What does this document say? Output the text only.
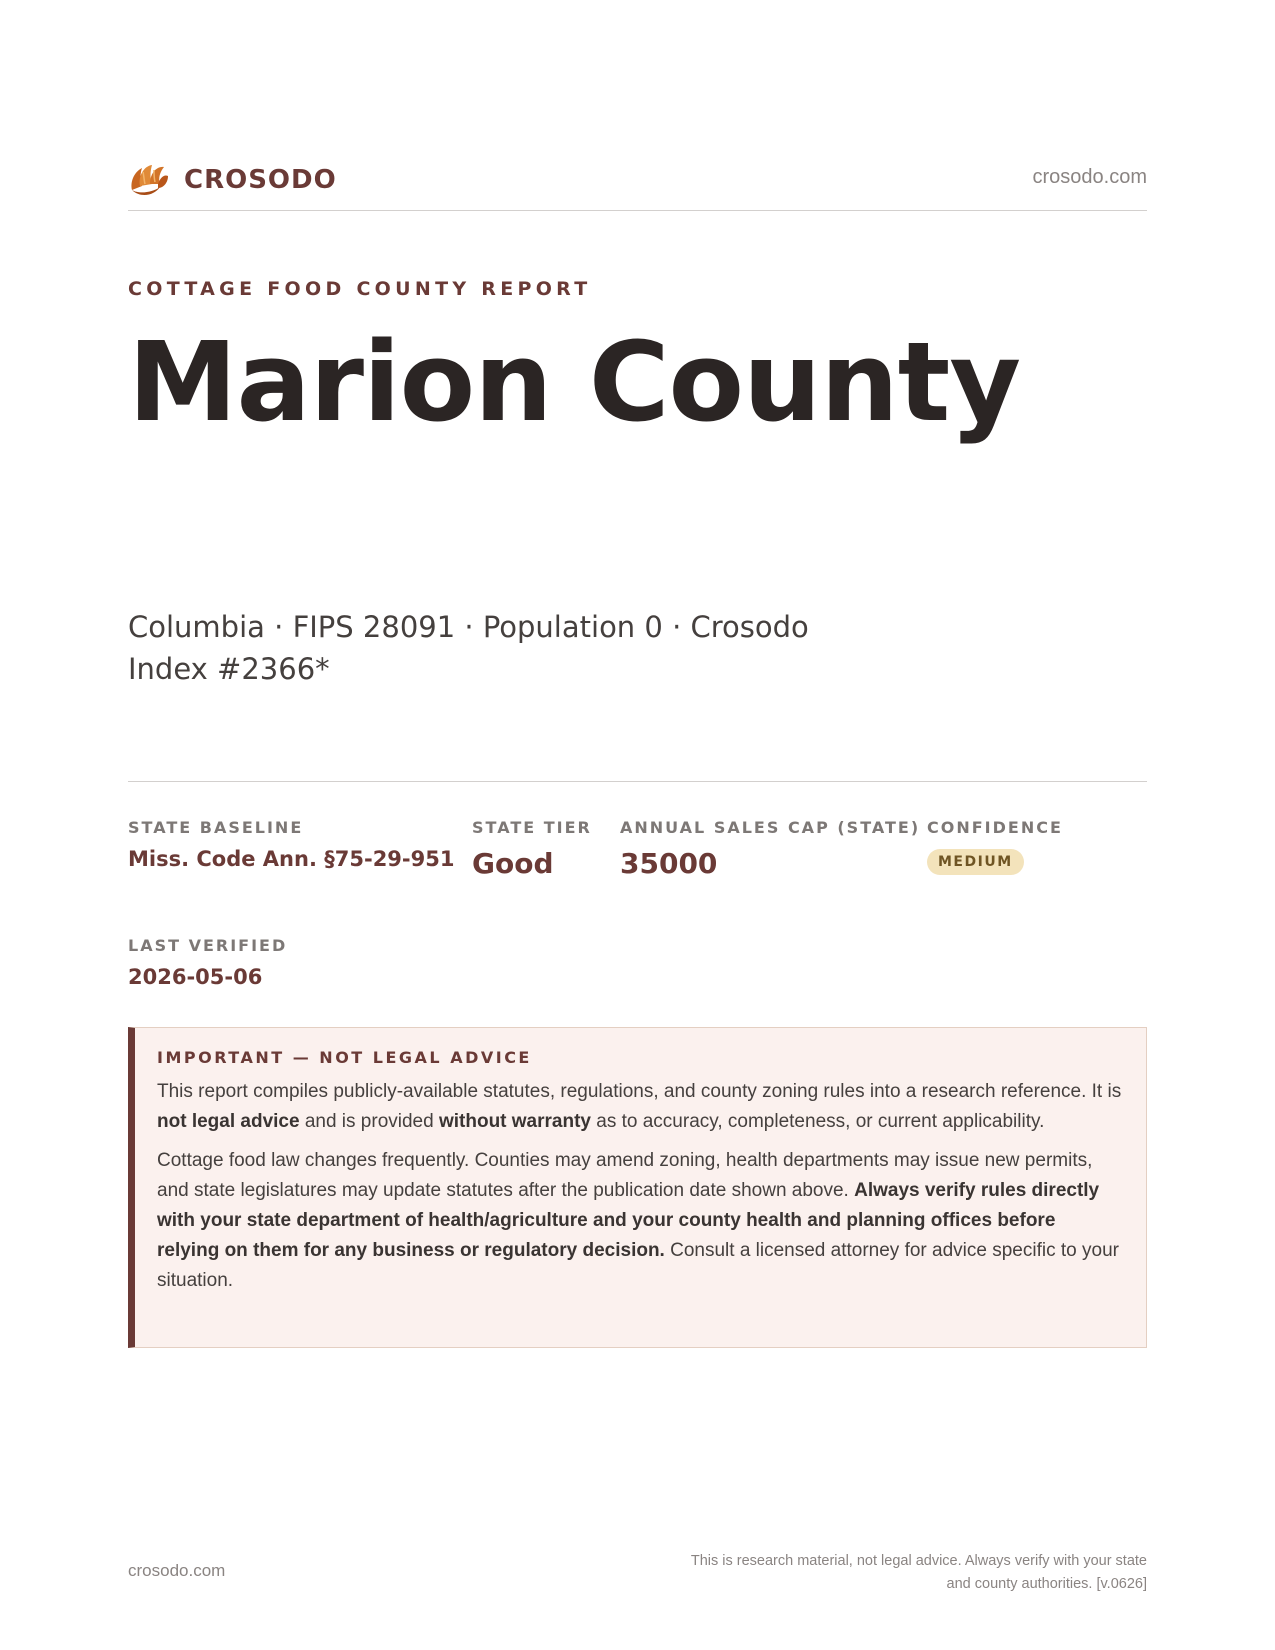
CROSODO	crosodo.com
COTTAGE FOOD COUNTY REPORT
Marion County
Columbia · FIPS 28091 · Population 0 · Crosodo Index #2366*
STATE BASELINE
Miss. Code Ann. §75-29-951
STATE TIER
Good
ANNUAL SALES CAP (STATE)
35000
CONFIDENCE
MEDIUM
LAST VERIFIED
2026-05-06
IMPORTANT — NOT LEGAL ADVICE

This report compiles publicly-available statutes, regulations, and county zoning rules into a research reference. It is not legal advice and is provided without warranty as to accuracy, completeness, or current applicability.

Cottage food law changes frequently. Counties may amend zoning, health departments may issue new permits, and state legislatures may update statutes after the publication date shown above. Always verify rules directly with your state department of health/agriculture and your county health and planning offices before relying on them for any business or regulatory decision. Consult a licensed attorney for advice specific to your situation.

crosodo.com	This is research material, not legal advice. Always verify with your state
and county authorities. [v.0626]
